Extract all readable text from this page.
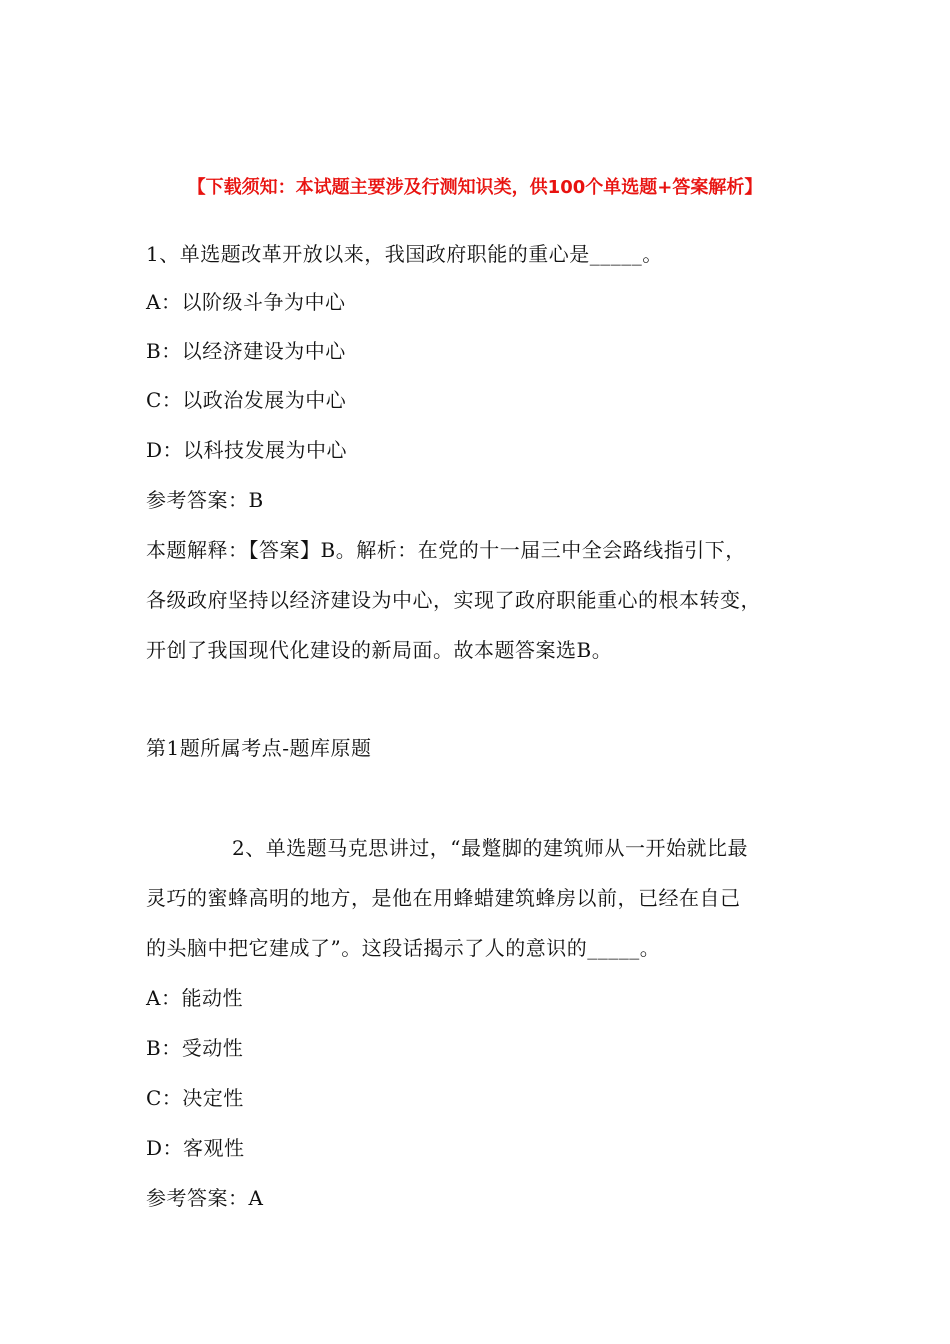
【下载须知：本试题主要涉及行测知识类，供100个单选题+答案解析】
1、单选题改革开放以来，我国政府职能的重心是_____。
A：以阶级斗争为中心
B：以经济建设为中心
C：以政治发展为中心
D：以科技发展为中心
参考答案：B
本题解释：【答案】B。解析：在党的十一届三中全会路线指引下，
各级政府坚持以经济建设为中心，实现了政府职能重心的根本转变，
开创了我国现代化建设的新局面。故本题答案选B。
第1题所属考点-题库原题
2、单选题马克思讲过，“最蹩脚的建筑师从一开始就比最
灵巧的蜜蜂高明的地方，是他在用蜂蜡建筑蜂房以前，已经在自己
的头脑中把它建成了”。这段话揭示了人的意识的_____。
A：能动性
B：受动性
C：决定性
D：客观性
参考答案：A
